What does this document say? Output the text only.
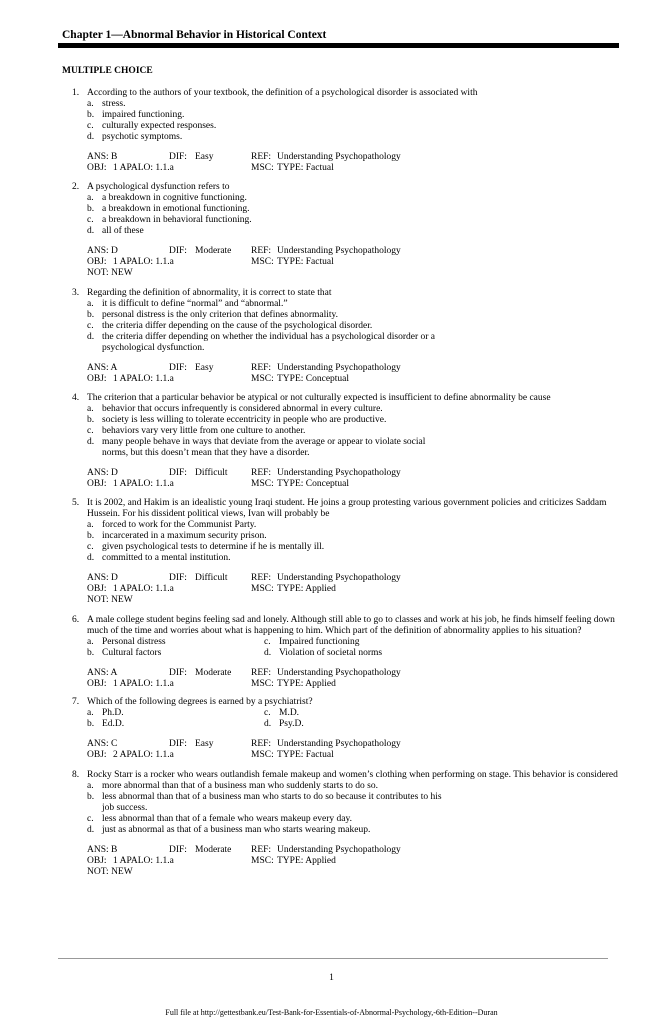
Chapter 1—Abnormal Behavior in Historical Context
MULTIPLE CHOICE
1. According to the authors of your textbook, the definition of a psychological disorder is associated with
a. stress.
b. impaired functioning.
c. culturally expected responses.
d. psychotic symptoms.
ANS: B	DIF: Easy	REF: Understanding Psychopathology
OBJ: 1 APALO: 1.1.a	MSC: TYPE: Factual
2. A psychological dysfunction refers to
a. a breakdown in cognitive functioning.
b. a breakdown in emotional functioning.
c. a breakdown in behavioral functioning.
d. all of these
ANS: D	DIF: Moderate	REF: Understanding Psychopathology
OBJ: 1 APALO: 1.1.a	MSC: TYPE: Factual
NOT: NEW
3. Regarding the definition of abnormality, it is correct to state that
a. it is difficult to define “normal” and “abnormal.”
b. personal distress is the only criterion that defines abnormality.
c. the criteria differ depending on the cause of the psychological disorder.
d. the criteria differ depending on whether the individual has a psychological disorder or a
psychological dysfunction.
ANS: A	DIF: Easy	REF: Understanding Psychopathology
OBJ: 1 APALO: 1.1.a	MSC: TYPE: Conceptual
4. The criterion that a particular behavior be atypical or not culturally expected is insufficient to define abnormality be cause
a. behavior that occurs infrequently is considered abnormal in every culture.
b. society is less willing to tolerate eccentricity in people who are productive.
c. behaviors vary very little from one culture to another.
d. many people behave in ways that deviate from the average or appear to violate social
norms, but this doesn’t mean that they have a disorder.
ANS: D	DIF: Difficult	REF: Understanding Psychopathology
OBJ: 1 APALO: 1.1.a	MSC: TYPE: Conceptual
5. It is 2002, and Hakim is an idealistic young Iraqi student. He joins a group protesting various government policies and criticizes Saddam
Hussein. For his dissident political views, Ivan will probably be
a. forced to work for the Communist Party.
b. incarcerated in a maximum security prison.
c. given psychological tests to determine if he is mentally ill.
d. committed to a mental institution.
ANS: D	DIF: Difficult	REF: Understanding Psychopathology
OBJ: 1 APALO: 1.1.a	MSC: TYPE: Applied
NOT: NEW
6. A male college student begins feeling sad and lonely. Although still able to go to classes and work at his job, he finds himself feeling down
much of the time and worries about what is happening to him. Which part of the definition of abnormality applies to his situation?
a. Personal distress	c. Impaired functioning
b. Cultural factors	d. Violation of societal norms
ANS: A	DIF: Moderate	REF: Understanding Psychopathology
OBJ: 1 APALO: 1.1.a	MSC: TYPE: Applied
7. Which of the following degrees is earned by a psychiatrist?
a. Ph.D.	c. M.D.
b. Ed.D.	d. Psy.D.
ANS: C	DIF: Easy	REF: Understanding Psychopathology
OBJ: 2 APALO: 1.1.a	MSC: TYPE: Factual
8. Rocky Starr is a rocker who wears outlandish female makeup and women’s clothing when performing on stage. This behavior is considered
a. more abnormal than that of a business man who suddenly starts to do so.
b. less abnormal than that of a business man who starts to do so because it contributes to his
job success.
c. less abnormal than that of a female who wears makeup every day.
d. just as abnormal as that of a business man who starts wearing makeup.
ANS: B	DIF: Moderate	REF: Understanding Psychopathology
OBJ: 1 APALO: 1.1.a	MSC: TYPE: Applied
NOT: NEW
1
Full file at http://gettestbank.eu/Test-Bank-for-Essentials-of-Abnormal-Psychology,-6th-Edition--Duran
